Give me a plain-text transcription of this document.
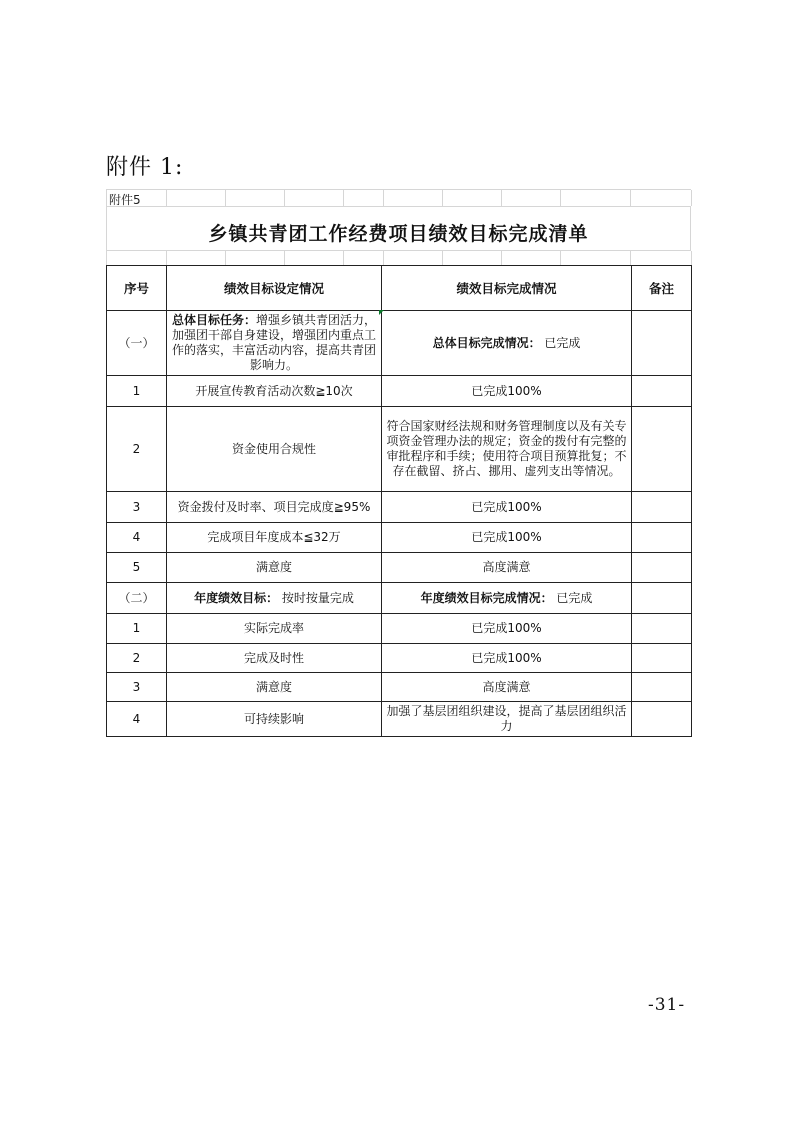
附件 1:
附件5
乡镇共青团工作经费项目绩效目标完成清单
序号	绩效目标设定情况	绩效目标完成情况	备注
（一）	总体目标任务：增强乡镇共青团活力，加强团干部自身建设，增强团内重点工作的落实，丰富活动内容，提高共青团影响力。	总体目标完成情况： 已完成	
1	开展宣传教育活动次数≧10次	已完成100%	
2	资金使用合规性	符合国家财经法规和财务管理制度以及有关专项资金管理办法的规定；资金的拨付有完整的审批程序和手续；使用符合项目预算批复；不存在截留、挤占、挪用、虚列支出等情况。	
3	资金拨付及时率、项目完成度≧95%	已完成100%	
4	完成项目年度成本≦32万	已完成100%	
5	满意度	高度满意	
（二）	年度绩效目标： 按时按量完成	年度绩效目标完成情况： 已完成	
1	实际完成率	已完成100%	
2	完成及时性	已完成100%	
3	满意度	高度满意	
4	可持续影响	加强了基层团组织建设，提高了基层团组织活力	
-31-
